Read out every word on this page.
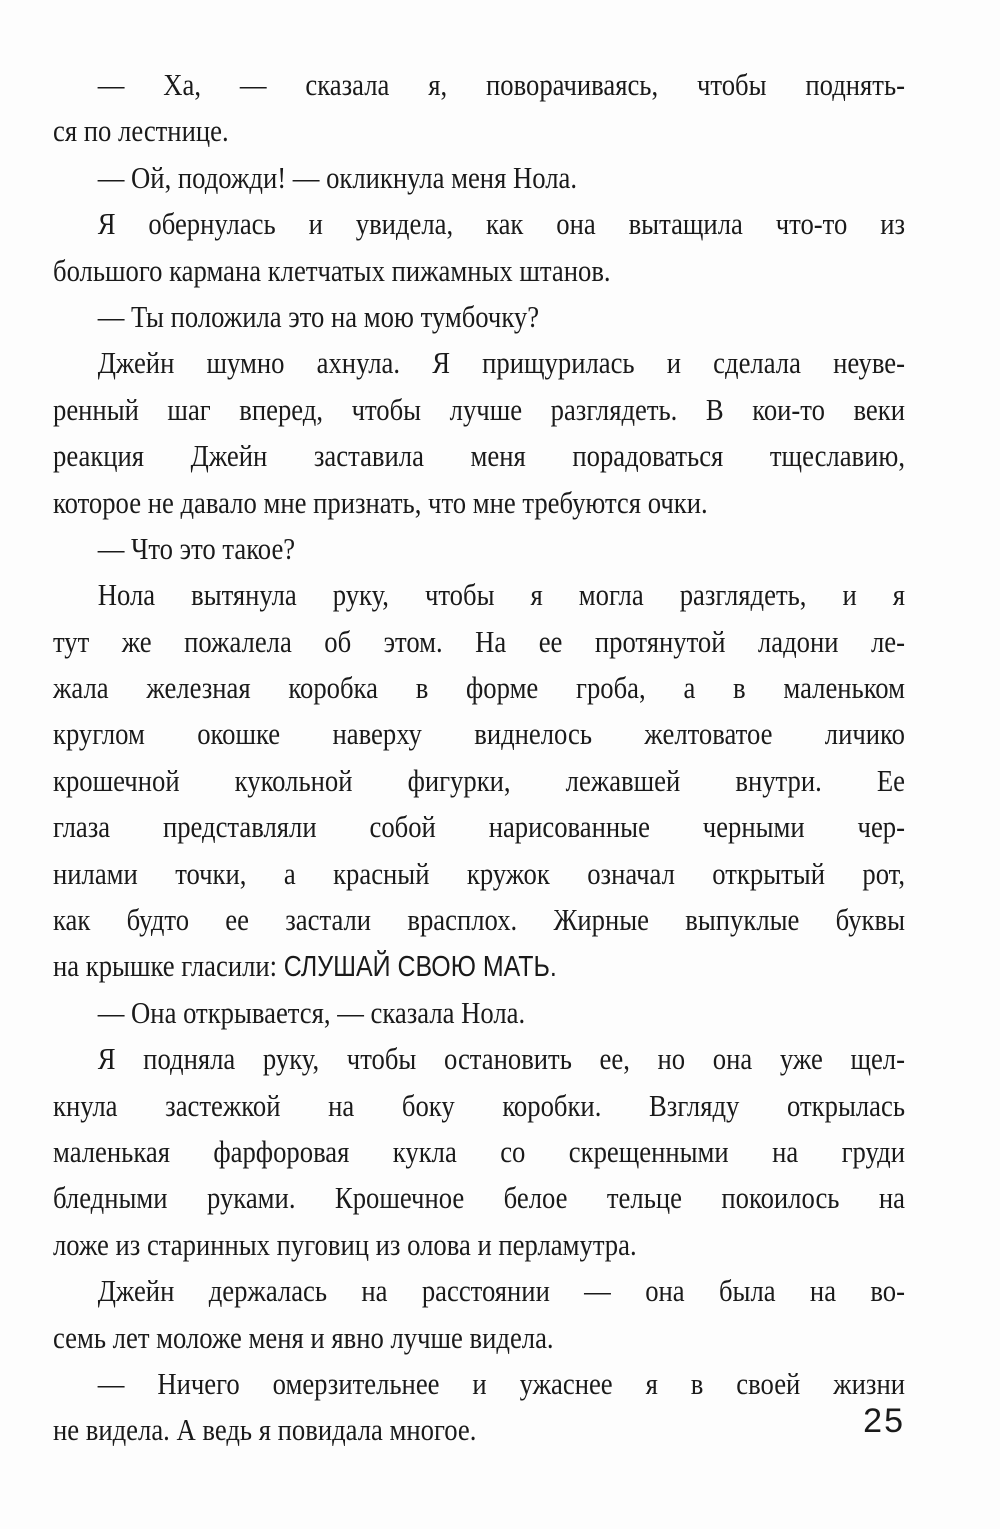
— Ха, — сказала я, поворачиваясь, чтобы поднять-
ся по лестнице.
— Ой, подожди! — окликнула меня Нола.
Я обернулась и увидела, как она вытащила что-то из
большого кармана клетчатых пижамных штанов.
— Ты положила это на мою тумбочку?
Джейн шумно ахнула. Я прищурилась и сделала неуве-
ренный шаг вперед, чтобы лучше разглядеть. В кои-то веки
реакция Джейн заставила меня порадоваться тщеславию,
которое не давало мне признать, что мне требуются очки.
— Что это такое?
Нола вытянула руку, чтобы я могла разглядеть, и я
тут же пожалела об этом. На ее протянутой ладони ле-
жала железная коробка в форме гроба, а в маленьком
круглом окошке наверху виднелось желтоватое личико
крошечной кукольной фигурки, лежавшей внутри. Ее
глаза представляли собой нарисованные черными чер-
нилами точки, а красный кружок означал открытый рот,
как будто ее застали врасплох. Жирные выпуклые буквы
на крышке гласили: СЛУШАЙ СВОЮ МАТЬ.
— Она открывается, — сказала Нола.
Я подняла руку, чтобы остановить ее, но она уже щел-
кнула застежкой на боку коробки. Взгляду открылась
маленькая фарфоровая кукла со скрещенными на груди
бледными руками. Крошечное белое тельце покоилось на
ложе из старинных пуговиц из олова и перламутра.
Джейн держалась на расстоянии — она была на во-
семь лет моложе меня и явно лучше видела.
— Ничего омерзительнее и ужаснее я в своей жизни
не видела. А ведь я повидала многое.	25
